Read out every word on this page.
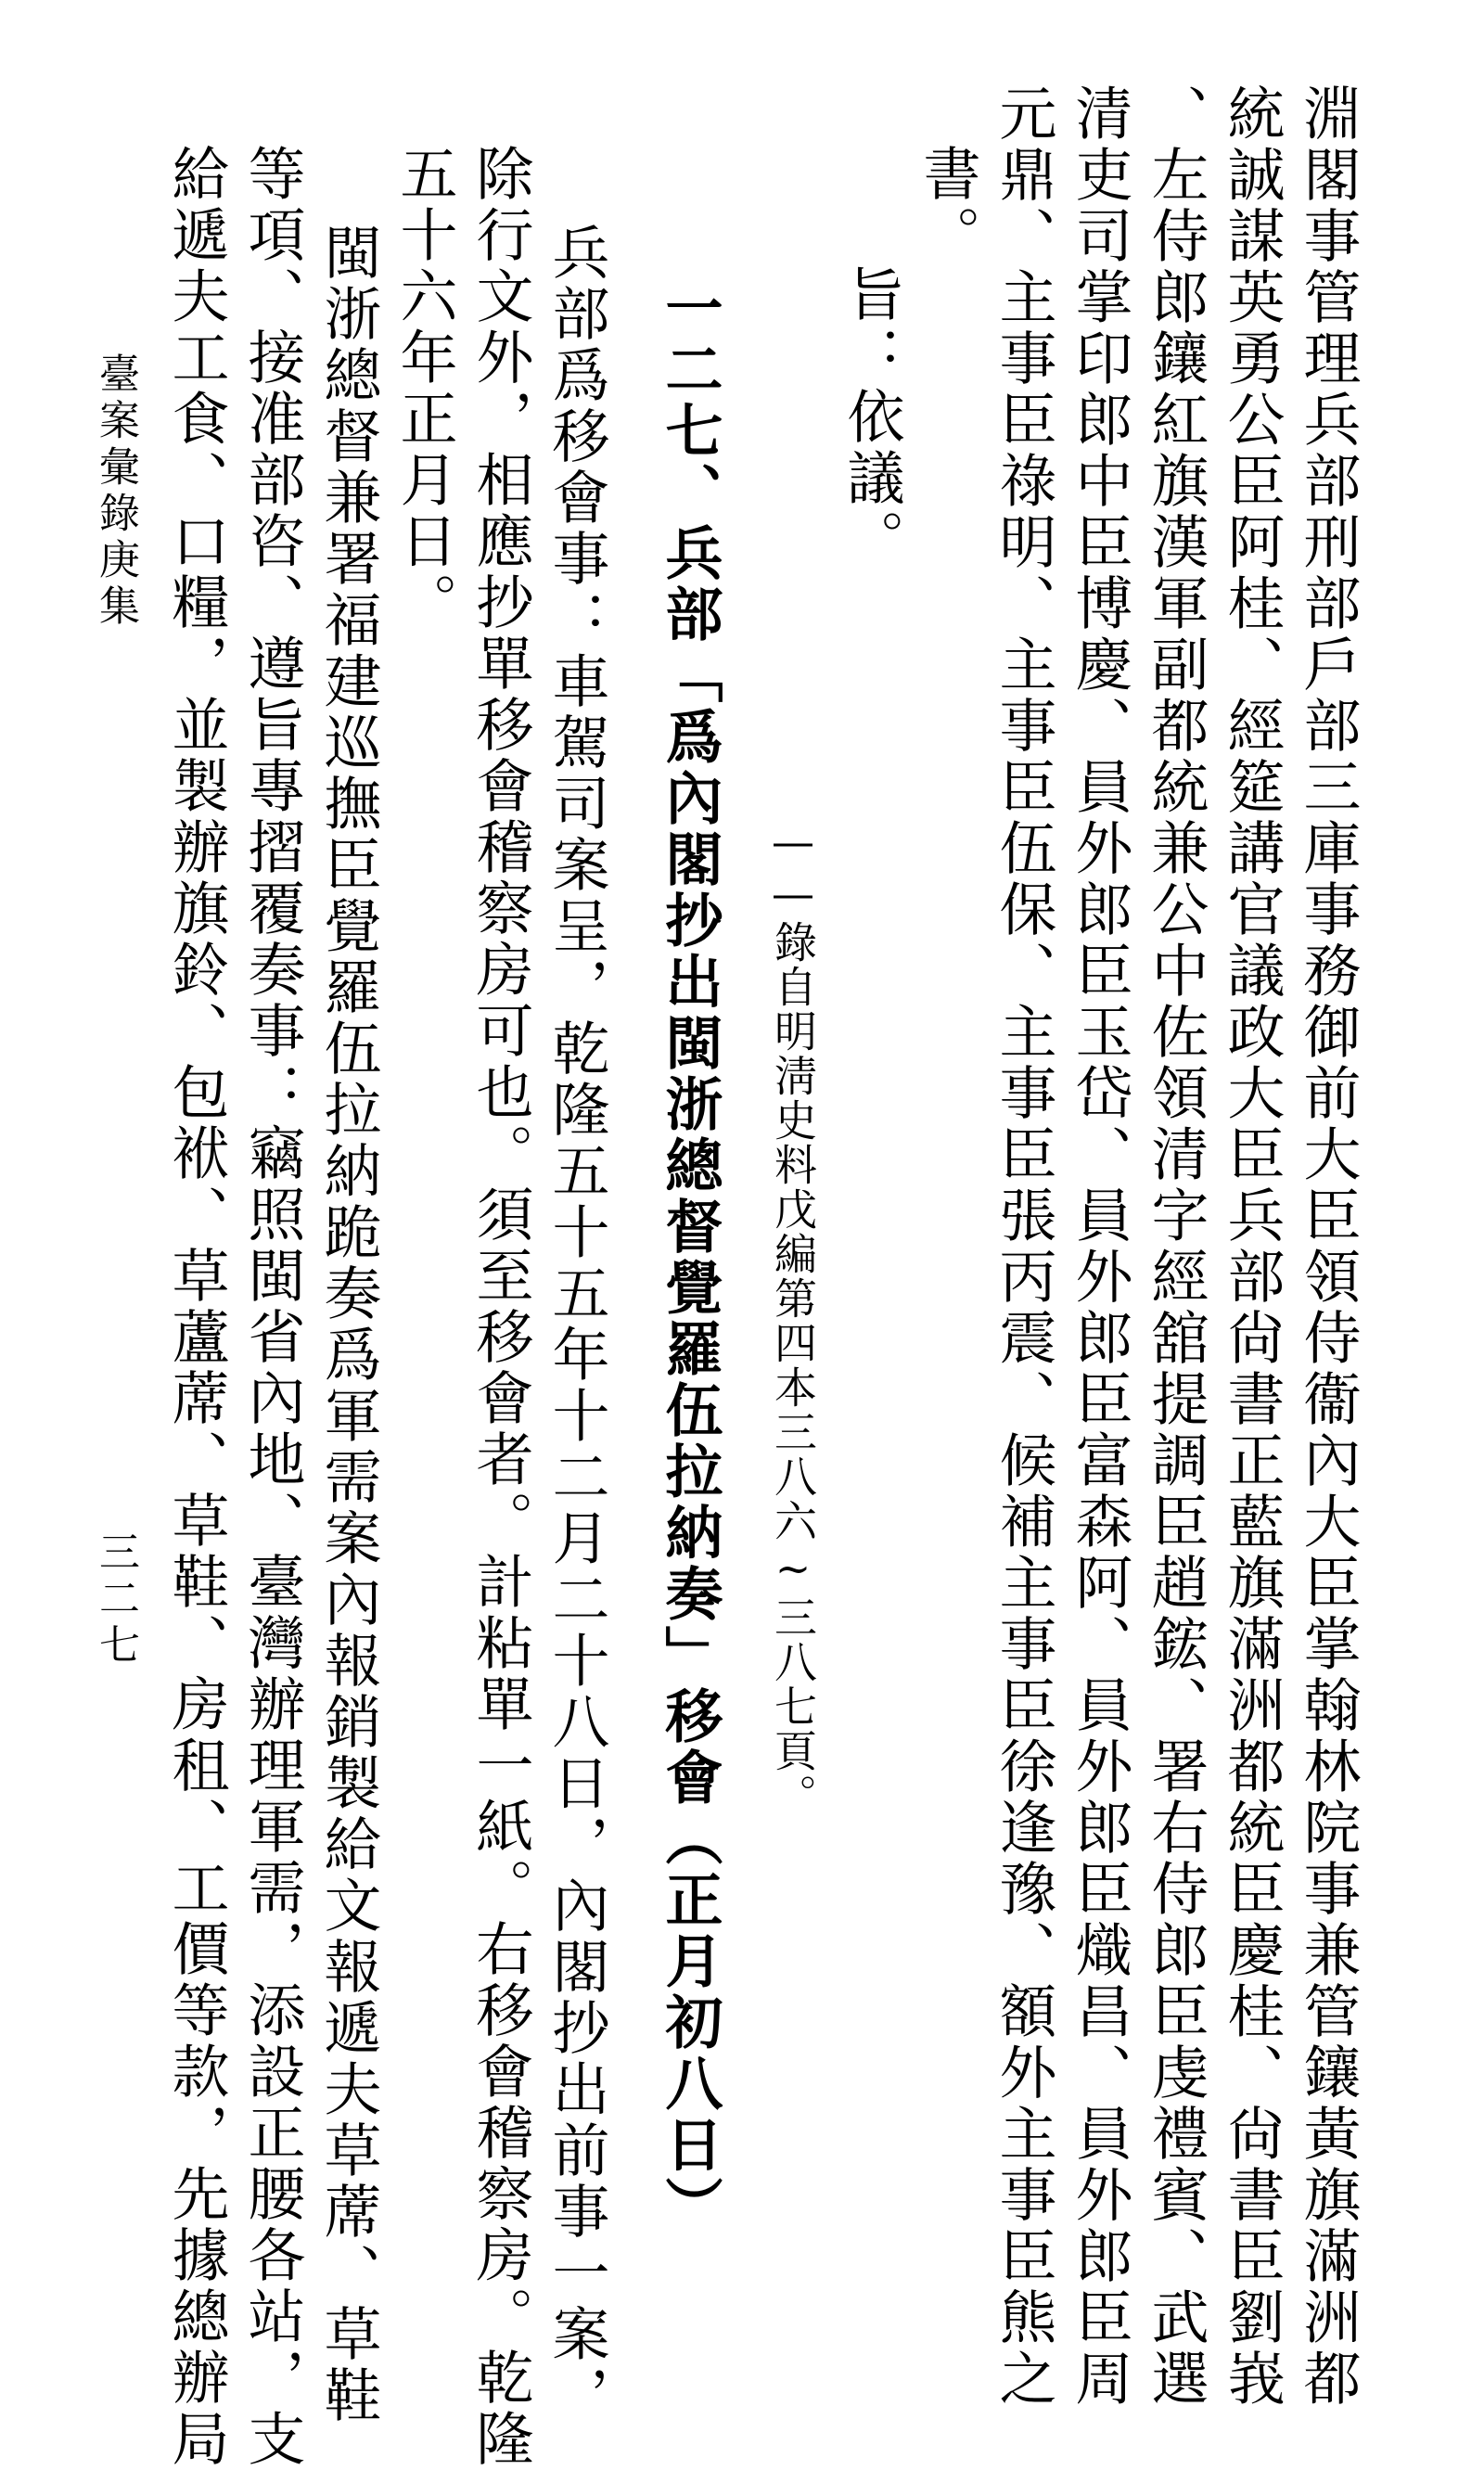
淵閣事管理兵部刑部戶部三庫事務御前大臣領侍衞內大臣掌翰林院事兼管鑲黃旗滿洲都
統誠謀英勇公臣阿桂、經筵講官議政大臣兵部尙書正藍旗滿洲都統臣慶桂、尙書臣劉峩
、左侍郎鑲紅旗漢軍副都統兼公中佐領清字經舘提調臣趙鋐、署右侍郎臣虔禮賓、武選
清吏司掌印郎中臣博慶、員外郎臣玉岱、員外郎臣富森阿、員外郎臣熾昌、員外郎臣周
元鼎、主事臣祿明、主事臣伍保、主事臣張丙震、候補主事臣徐逢豫、額外主事臣熊之
書。
旨：依議。
——錄自明淸史料戊編第四本三八六~三八七頁。
一二七、兵部「爲內閣抄出閩浙總督覺羅伍拉納奏」移會（正月初八日）
兵部爲移會事：車駕司案呈，乾隆五十五年十二月二十八日，內閣抄出前事一案，
除行文外，相應抄單移會稽察房可也。須至移會者。計粘單一紙。右移會稽察房。乾隆
五十六年正月日。
閩浙總督兼署福建巡撫臣覺羅伍拉納跪奏爲軍需案內報銷製給文報遞夫草蓆、草鞋
等項、接准部咨、遵旨專摺覆奏事：竊照閩省內地、臺灣辦理軍需，添設正腰各站，支
給遞夫工食、口糧，並製辦旗鈴、包袱、草蘆蓆、草鞋、房租、工價等款，先據總辦局
臺案彙錄庚集
三二七
